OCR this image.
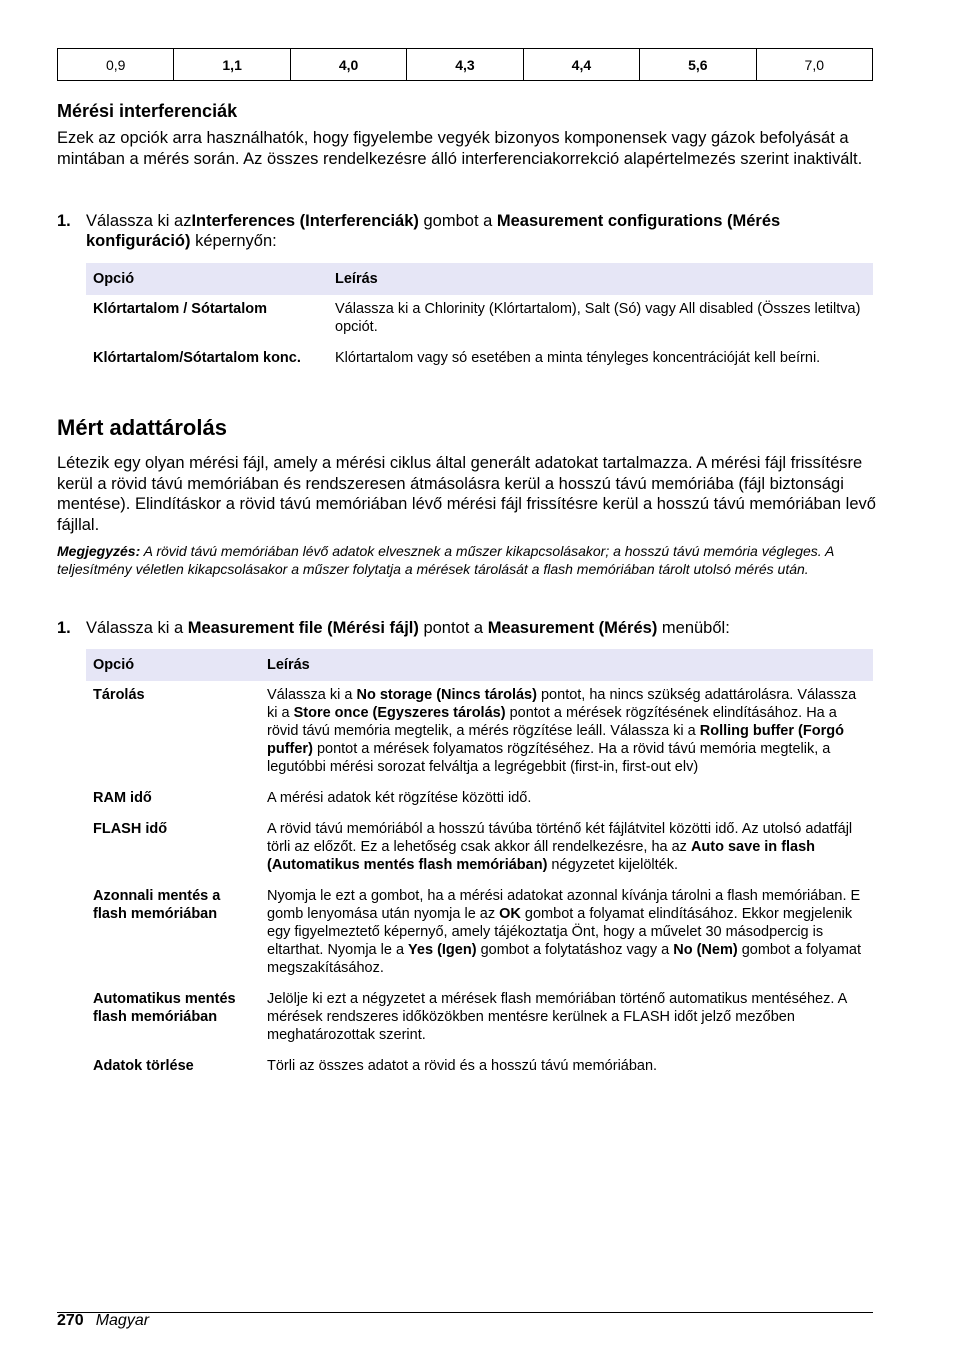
0,9	1,1	4,0	4,3	4,4	5,6	7,0
Mérési interferenciák
Ezek az opciók arra használhatók, hogy figyelembe vegyék bizonyos komponensek vagy gázok befolyását a mintában a mérés során. Az összes rendelkezésre álló interferenciakorrekció alapértelmezés szerint inaktivált.
1. Válassza ki azInterferences (Interferenciák) gombot a Measurement configurations (Mérés konfiguráció) képernyőn:
Opció	Leírás
Klórtartalom / Sótartalom	Válassza ki a Chlorinity (Klórtartalom), Salt (Só) vagy All disabled (Összes letiltva) opciót.
Klórtartalom/Sótartalom konc.	Klórtartalom vagy só esetében a minta tényleges koncentrációját kell beírni.
Mért adattárolás
Létezik egy olyan mérési fájl, amely a mérési ciklus által generált adatokat tartalmazza. A mérési fájl frissítésre kerül a rövid távú memóriában és rendszeresen átmásolásra kerül a hosszú távú memóriába (fájl biztonsági mentése). Elindításkor a rövid távú memóriában lévő mérési fájl frissítésre kerül a hosszú távú memóriában levő fájllal.
Megjegyzés: A rövid távú memóriában lévő adatok elvesznek a műszer kikapcsolásakor; a hosszú távú memória végleges. A teljesítmény véletlen kikapcsolásakor a műszer folytatja a mérések tárolását a flash memóriában tárolt utolsó mérés után.
1. Válassza ki a Measurement file (Mérési fájl) pontot a Measurement (Mérés) menüből:
Opció	Leírás
Tárolás	Válassza ki a No storage (Nincs tárolás) pontot, ha nincs szükség adattárolásra. Válassza ki a Store once (Egyszeres tárolás) pontot a mérések rögzítésének elindításához. Ha a rövid távú memória megtelik, a mérés rögzítése leáll. Válassza ki a Rolling buffer (Forgó puffer) pontot a mérések folyamatos rögzítéséhez. Ha a rövid távú memória megtelik, a legutóbbi mérési sorozat felváltja a legrégebbit (first-in, first-out elv)
RAM idő	A mérési adatok két rögzítése közötti idő.
FLASH idő	A rövid távú memóriából a hosszú távúba történő két fájlátvitel közötti idő. Az utolsó adatfájl törli az előzőt. Ez a lehetőség csak akkor áll rendelkezésre, ha az Auto save in flash (Automatikus mentés flash memóriában) négyzetet kijelölték.
Azonnali mentés a flash memóriában	Nyomja le ezt a gombot, ha a mérési adatokat azonnal kívánja tárolni a flash memóriában. E gomb lenyomása után nyomja le az OK gombot a folyamat elindításához. Ekkor megjelenik egy figyelmeztető képernyő, amely tájékoztatja Önt, hogy a művelet 30 másodpercig is eltarthat. Nyomja le a Yes (Igen) gombot a folytatáshoz vagy a No (Nem) gombot a folyamat megszakításához.
Automatikus mentés flash memóriában	Jelölje ki ezt a négyzetet a mérések flash memóriában történő automatikus mentéséhez. A mérések rendszeres időközökben mentésre kerülnek a FLASH időt jelző mezőben meghatározottak szerint.
Adatok törlése	Törli az összes adatot a rövid és a hosszú távú memóriában.
270 Magyar
